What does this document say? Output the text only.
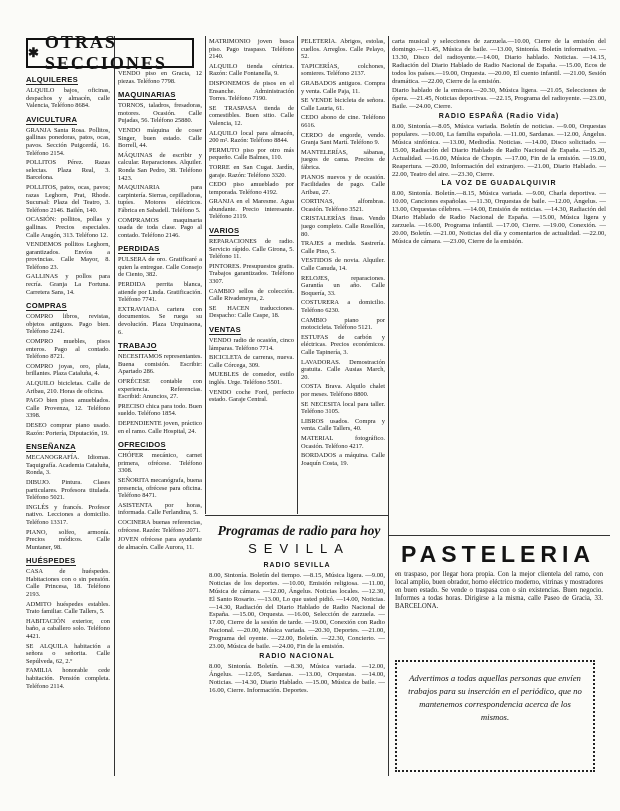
✱
OTRAS SECCIONES
ALQUILERES

ALQUILO bajos, oficinas, despachos y almacén, calle Valencia, Teléfono 8684.

AVICULTURA

GRANJA Santa Rosa. Pollitos, gallinas ponedoras, patos, ocas, pavos. Sección Puigcerdá, 16. Teléfono 2154.

POLLITOS Pérez. Razas selectas. Plaza Real, 3. Barcelona.

POLLITOS, patos, ocas, pavos; razas Leghorn, Prat, Rhode. Sucursal: Plaza del Teatro, 3. Teléfono 2146. Bailén, 140.

OCASIÓN: pollitos, pollas y gallinas. Precios especiales. Calle Aragón, 313. Teléfono 12.

VENDEMOS pollitos Leghorn, garantizados. Envíos a provincias. Calle Mayor, 8. Teléfono 23.

GALLINAS y pollos para recría. Granja La Fortuna. Carretera Sans, 14.

COMPRAS

COMPRO libros, revistas, objetos antiguos. Pago bien. Teléfono 2241.

COMPRO muebles, pisos enteros. Pago al contado. Teléfono 8721.

COMPRO joyas, oro, plata, brillantes. Plaza Cataluña, 4.

ALQUILO bicicletas. Calle de Aribau, 210. Horas de oficina.

PAGO bien pisos amueblados. Calle Provenza, 12. Teléfono 3398.

DESEO comprar piano usado. Razón: Portería, Diputación, 19.

ENSEÑANZA

MECANOGRAFÍA. Idiomas. Taquigrafía. Academia Cataluña, Ronda, 3.

DIBUJO. Pintura. Clases particulares. Profesora titulada. Teléfono 5021.

INGLÉS y francés. Profesor nativo. Lecciones a domicilio. Teléfono 13317.

PIANO, solfeo, armonía. Precios módicos. Calle Muntaner, 98.

HUÉSPEDES

CASA de huéspedes. Habitaciones con o sin pensión. Calle Princesa, 18. Teléfono 2193.

ADMITO huéspedes estables. Trato familiar. Calle Tallers, 5.

HABITACIÓN exterior, con baño, a caballero solo. Teléfono 4421.

SE ALQUILA habitación a señora o señorita. Calle Sepúlveda, 62, 2.º

FAMILIA honorable cede habitación. Pensión completa. Teléfono 2114.

VENDO piso en Gracia, 12 piezas. Teléfono 7798.

MAQUINARIAS

TORNOS, taladros, fresadoras, motores. Ocasión. Calle Pujadas, 56. Teléfono 25880.

VENDO máquina de coser Singer, buen estado. Calle Borrell, 44.

MÁQUINAS de escribir y calcular. Reparaciones. Alquiler. Ronda San Pedro, 38. Teléfono 1423.

MAQUINARIA para carpintería. Sierras, cepilladoras, tupíes. Motores eléctricos. Fábrica en Sabadell. Teléfono 5.

COMPRAMOS maquinaria usada de toda clase. Pago al contado. Teléfono 2146.

PERDIDAS

PULSERA de oro. Gratificaré a quien la entregue. Calle Consejo de Ciento, 382.

PERDIDA perrita blanca, atiende por Linda. Gratificación. Teléfono 7741.

EXTRAVIADA cartera con documentos. Se ruega su devolución. Plaza Urquinaona, 6.

TRABAJO

NECESITAMOS representantes. Buena comisión. Escribir: Apartado 286.

OFRÉCESE contable con experiencia. Referencias. Escribid: Anuncios, 27.

PRECISO chica para todo. Buen sueldo. Teléfono 1854.

DEPENDIENTE joven, práctico en el ramo. Calle Hospital, 24.

OFRECIDOS

CHÓFER mecánico, carnet primera, ofrécese. Teléfono 3308.

SEÑORITA mecanógrafa, buena presencia, ofrécese para oficina. Teléfono 8471.

ASISTENTA por horas, informada. Calle Ferlandina, 5.

COCINERA buenas referencias, ofrécese. Razón: Teléfono 2071.

JOVEN ofrécese para ayudante de almacén. Calle Aurora, 11.

MATRIMONIO joven busca piso. Pago traspaso. Teléfono 2140.

ALQUILO tienda céntrica. Razón: Calle Fontanella, 9.

DISPONEMOS de pisos en el Ensanche. Administración Torres. Teléfono 7190.

SE TRASPASA tienda de comestibles. Buen sitio. Calle Valencia, 12.

ALQUILO local para almacén, 200 m². Razón: Teléfono 8844.

PERMUTO piso por otro más pequeño. Calle Balmes, 110.

TORRE en San Cugat. Jardín, garaje. Razón: Teléfono 3320.

CEDO piso amueblado por temporada. Teléfono 4192.

GRANJA en el Maresme. Agua abundante. Precio interesante. Teléfono 2119.

VARIOS

REPARACIONES de radio. Servicio rápido. Calle Girona, 5. Teléfono 11.

PINTORES. Presupuestos gratis. Trabajos garantizados. Teléfono 3307.

CAMBIO sellos de colección. Calle Rivadeneyra, 2.

SE HACEN traducciones. Despacho: Calle Caspe, 18.

VENTAS

VENDO radio de ocasión, cinco lámparas. Teléfono 7714.

BICICLETA de carreras, nueva. Calle Córcega, 309.

MUEBLES de comedor, estilo inglés. Urge. Teléfono 5501.

VENDO coche Ford, perfecto estado. Garaje Central.

PELETERÍA. Abrigos, estolas, cuellos. Arreglos. Calle Pelayo, 52.

TAPICERÍAS, colchones, somieres. Teléfono 2137.

GRABADOS antiguos. Compra y venta. Calle Paja, 11.

SE VENDE bicicleta de señora. Calle Lauria, 61.

CEDO abono de cine. Teléfono 6616.

CERDO de engorde, vendo. Granja Sant Martí. Teléfono 9.

MANTELERÍAS, sábanas, juegos de cama. Precios de fábrica.

PIANOS nuevos y de ocasión. Facilidades de pago. Calle Aribau, 27.

CORTINAS, alfombras. Ocasión. Teléfono 3521.

CRISTALERÍAS finas. Vendo juego completo. Calle Rosellón, 80.

TRAJES a medida. Sastrería. Calle Pino, 5.

VESTIDOS de novia. Alquiler. Calle Canuda, 14.

RELOJES, reparaciones. Garantía un año. Calle Boquería, 33.

COSTURERA a domicilio. Teléfono 6230.

CAMBIO piano por motocicleta. Teléfono 5121.

ESTUFAS de carbón y eléctricas. Precios económicos. Calle Tapinería, 3.

LAVADORAS. Demostración gratuita. Calle Ausias March, 20.

COSTA Brava. Alquilo chalet por meses. Teléfono 8800.

SE NECESITA local para taller. Teléfono 3105.

LIBROS usados. Compra y venta. Calle Tallers, 40.

MATERIAL fotográfico. Ocasión. Teléfono 4217.

BORDADOS a máquina. Calle Joaquín Costa, 19.

carta musical y selecciones de zarzuela.—10.00, Cierre de la emisión del domingo.—11.45, Música de baile. —13.00, Sintonía. Boletín informativo. —13.30, Disco del radioyente.—14.00, Diario hablado. Noticias. —14.15, Radiación del Diario Hablado de Radio Nacional de España. —15.00, Ecos de todos los países.—19.00, Orquesta. —20.00, El cuento infantil. —21.00, Sesión dramática. —22.00, Cierre de la emisión.

Diario hablado de la emisora.—20.30, Música ligera. —21.05, Selecciones de ópera. —21.45, Noticias deportivas. —22.15, Programa del radioyente. —23.00, Baile. —24.00, Cierre.

RADIO ESPAÑA (Radio Vida)

8.00, Sintonía.—8.05, Música variada. Boletín de noticias. —9.00, Orquestas populares. —10.00, La familia española. —11.00, Sardanas. —12.00, Ángelus. Música sinfónica. —13.00, Mediodía. Noticias. —14.00, Disco solicitado. —15.00, Radiación del Diario Hablado de Radio Nacional de España. —15.20, Actualidad. —16.00, Música de Chopin. —17.00, Fin de la emisión. —19.00, Reapertura. —20.00, Información del extranjero. —21.00, Diario Hablado. —22.00, Teatro del aire. —23.30, Cierre.

LA VOZ DE GUADALQUIVIR

8.00, Sintonía. Boletín.—8.15, Música variada. —9.00, Charla deportiva. —10.00, Canciones españolas. —11.30, Orquestas de baile. —12.00, Ángelus. —13.00, Orquestas célebres. —14.00, Emisión de noticias. —14.30, Radiación del Diario Hablado de Radio Nacional de España. —15.00, Música ligera y zarzuela. —16.00, Programa infantil. —17.00, Cierre. —19.00, Conexión. —20.00, Boletín. —21.00, Noticias del día y comentarios de actualidad. —22.00, Música de cámara. —23.00, Cierre de la emisión.

Programas de radio para hoy
SEVILLA
RADIO SEVILLA

8.00, Sintonía. Boletín del tiempo. —8.15, Música ligera. —9.00, Noticias de los deportes. —10.00, Emisión religiosa. —11.00, Música de cámara. —12.00, Ángelus. Noticias locales. —12.30, El Santo Rosario. —13.00, Lo que usted pidió. —14.00, Noticias. —14.30, Radiación del Diario Hablado de Radio Nacional de España. —15.00, Orquesta. —16.00, Selección de zarzuela. —17.00, Cierre de la sesión de tarde. —19.00, Conexión con Radio Nacional. —20.00, Música variada. —20.30, Deportes. —21.00, Programa del oyente. —22.00, Boletín. —22.30, Concierto. —23.00, Música de baile. —24.00, Fin de la emisión.

RADIO NACIONAL

8.00, Sintonía. Boletín. —8.30, Música variada. —12.00, Ángelus. —12.05, Sardanas. —13.00, Orquestas. —14.00, Noticias. —14.30, Diario Hablado. —15.00, Música de baile. —16.00, Cierre. Información. Deportes.

PASTELERIA

en traspaso, por llegar hora propia. Con la mejor clientela del ramo, con local amplio, buen obrador, horno eléctrico moderno, vitrinas y mostradores en buen estado. Se vende o traspasa con o sin existencias. Buen negocio. Informes a todas horas. Dirigirse a la misma, calle Paseo de Gracia, 33. BARCELONA.

Advertimos a todas aquellas personas que envíen trabajos para su inserción en el periódico, que no mantenemos correspondencia acerca de los mismos.
